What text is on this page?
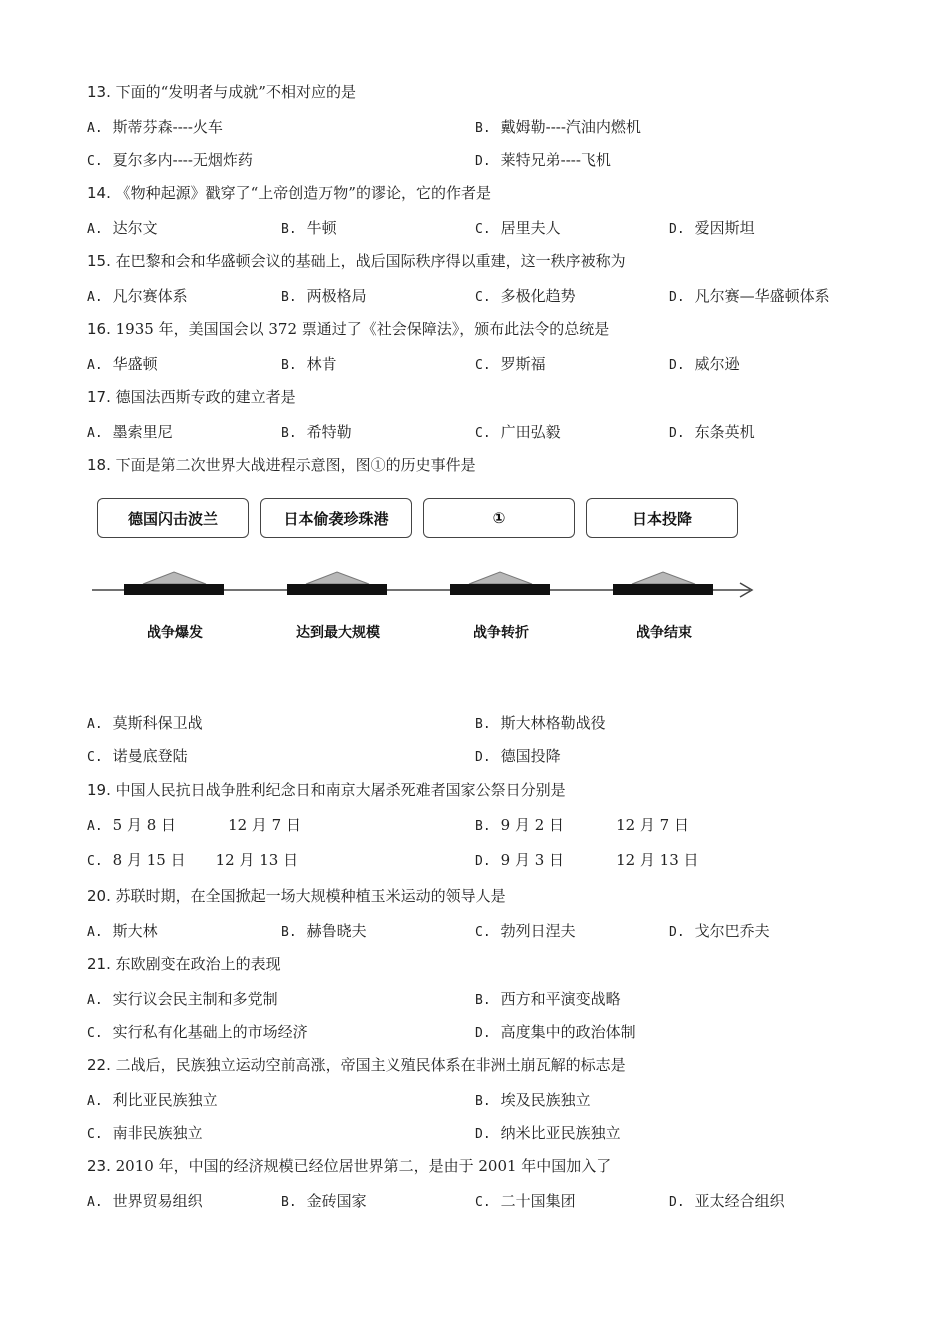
13. 下面的“发明者与成就”不相对应的是
A. 斯蒂芬森----火车	B. 戴姆勒----汽油内燃机
C. 夏尔多内----无烟炸药	D. 莱特兄弟----飞机
14. 《物种起源》戳穿了“上帝创造万物”的谬论，它的作者是
A. 达尔文	B. 牛顿	C. 居里夫人	D. 爱因斯坦
15. 在巴黎和会和华盛顿会议的基础上，战后国际秩序得以重建，这一秩序被称为
A. 凡尔赛体系	B. 两极格局	C. 多极化趋势	D. 凡尔赛—华盛顿体系
16. 1935 年，美国国会以 372 票通过了《社会保障法》，颁布此法令的总统是
A. 华盛顿	B. 林肯	C. 罗斯福	D. 威尔逊
17. 德国法西斯专政的建立者是
A. 墨索里尼	B. 希特勒	C. 广田弘毅	D. 东条英机
18. 下面是第二次世界大战进程示意图，图①的历史事件是
德国闪击波兰	日本偷袭珍珠港	①	日本投降
战争爆发	达到最大规模	战争转折	战争结束
A. 莫斯科保卫战	B. 斯大林格勒战役
C. 诺曼底登陆	D. 德国投降
19. 中国人民抗日战争胜利纪念日和南京大屠杀死难者国家公祭日分别是
A. 5 月 8 日	12 月 7 日	B. 9 月 2 日	12 月 7 日
C. 8 月 15 日 12 月 13 日	D. 9 月 3 日	12 月 13 日
20. 苏联时期，在全国掀起一场大规模种植玉米运动的领导人是
A. 斯大林	B. 赫鲁晓夫	C. 勃列日涅夫	D. 戈尔巴乔夫
21. 东欧剧变在政治上的表现
A. 实行议会民主制和多党制	B. 西方和平演变战略
C. 实行私有化基础上的市场经济	D. 高度集中的政治体制
22. 二战后，民族独立运动空前高涨，帝国主义殖民体系在非洲土崩瓦解的标志是
A. 利比亚民族独立	B. 埃及民族独立
C. 南非民族独立	D. 纳米比亚民族独立
23. 2010 年，中国的经济规模已经位居世界第二，是由于 2001 年中国加入了
A. 世界贸易组织	B. 金砖国家	C. 二十国集团	D. 亚太经合组织
